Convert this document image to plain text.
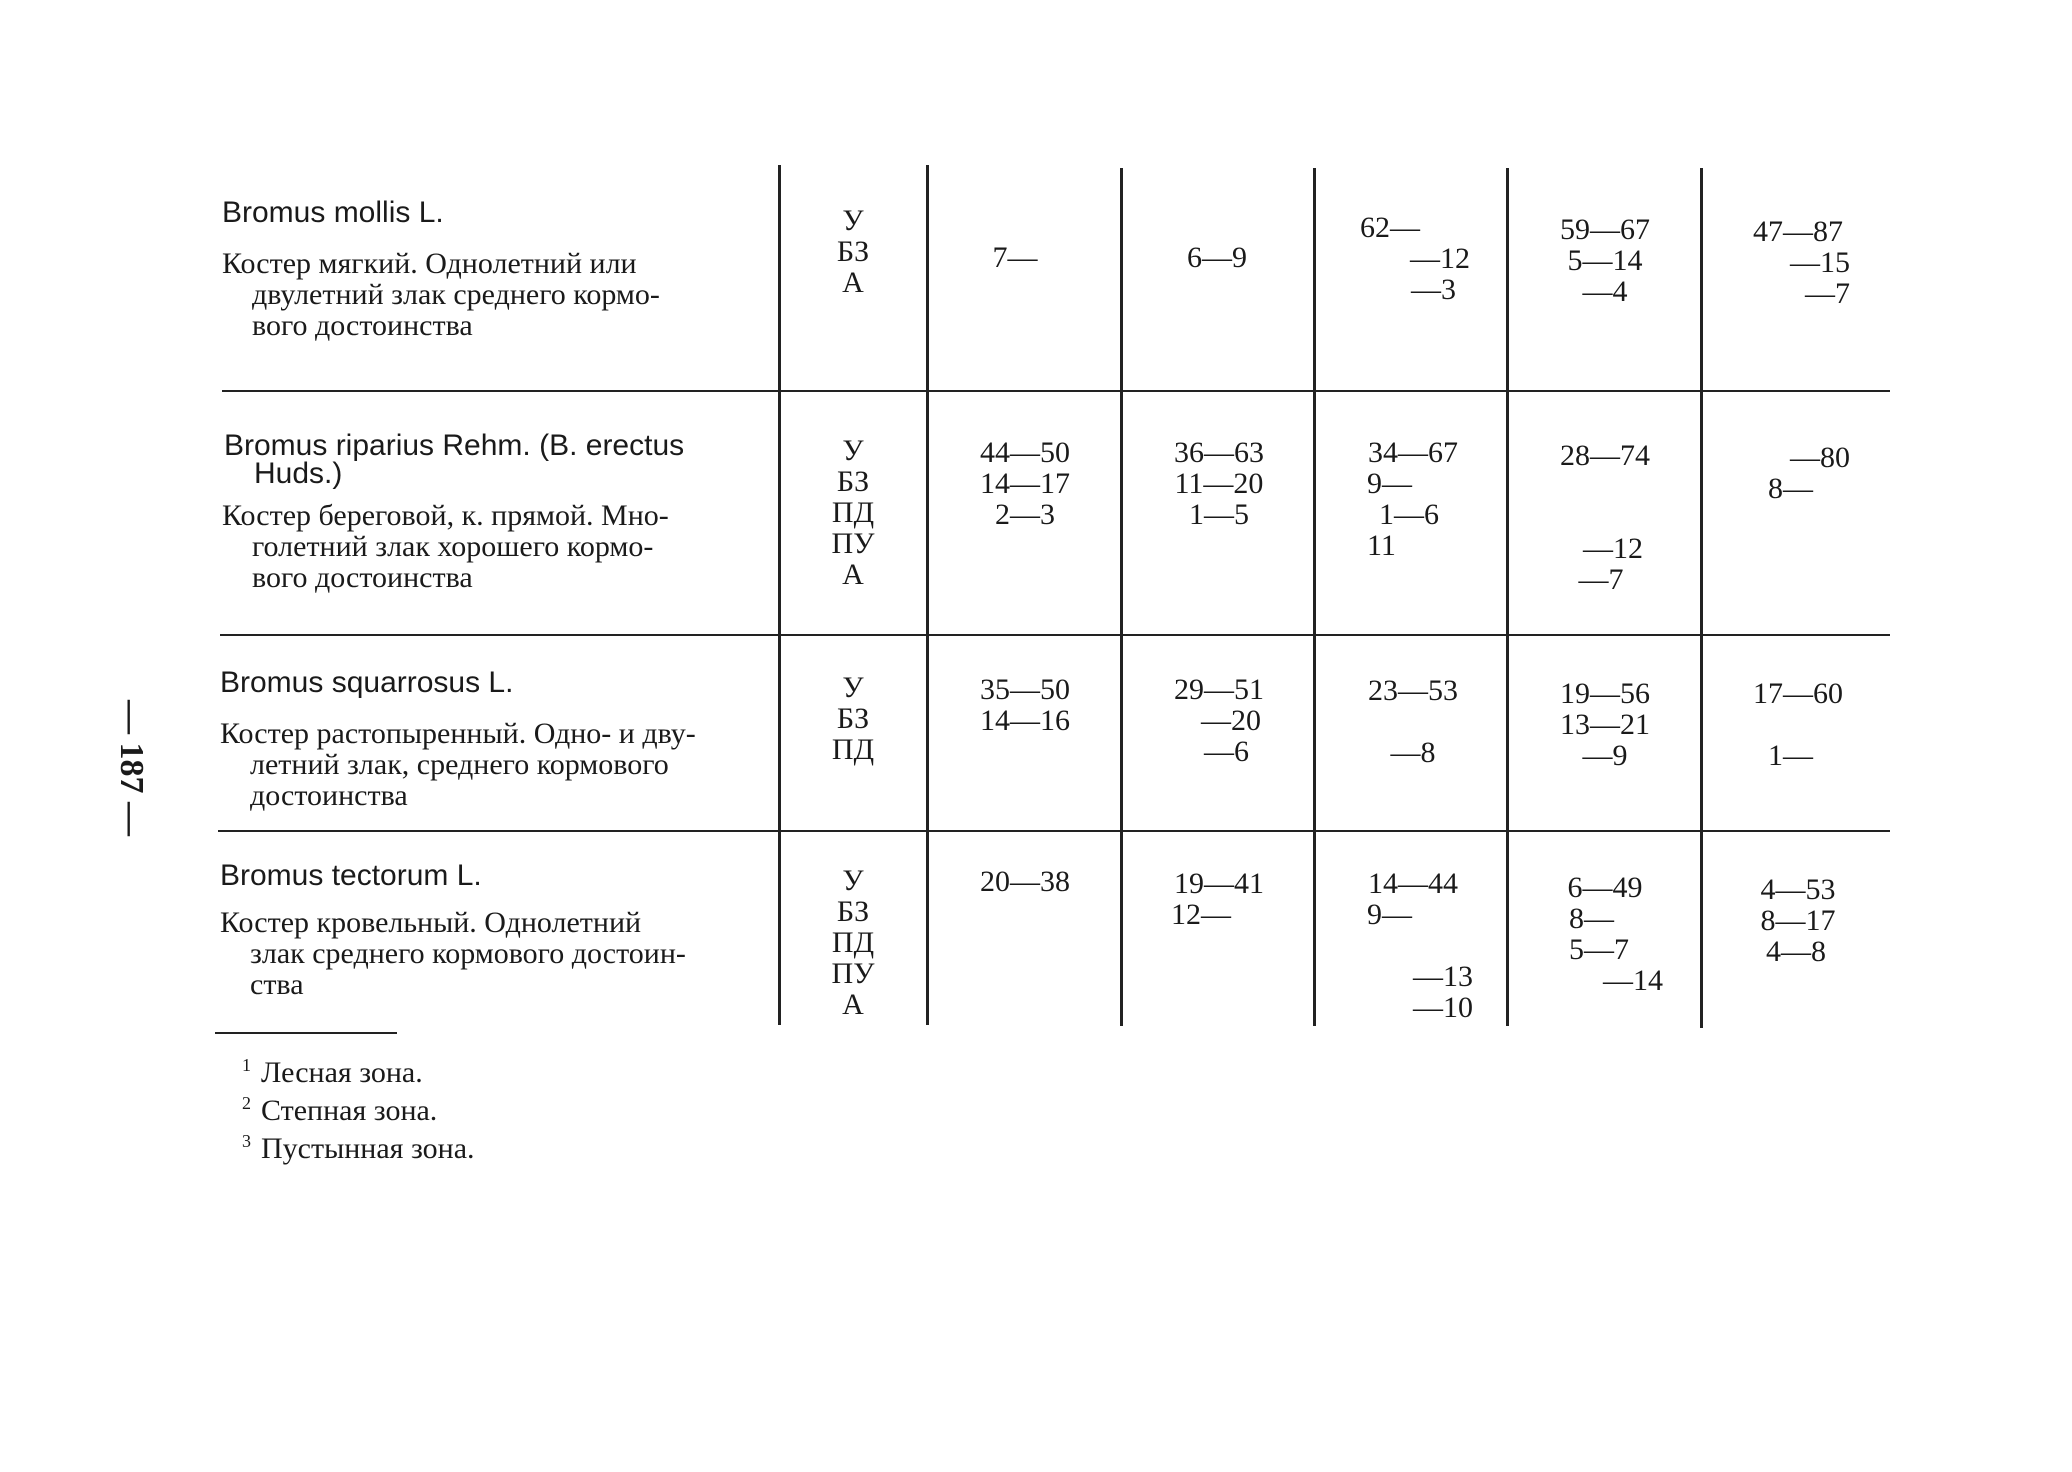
— 187 —
Bromus mollis L.
Костер мягкий. Однолетний или
двулетний злак среднего кормо-
вого достоинства
У
БЗ
А
7—	6—9
62—
—12
—3
59—67
5—14
—4
47—87
—15
—7
Bromus riparius Rehm. (B. erectus
Huds.)
Костер береговой, к. прямой. Мно-
голетний злак хорошего кормо-
вого достоинства
У
БЗ
ПД
ПУ
А
44—50
14—17
2—3
36—63
11—20
1—5
34—67
9—
1—6
11
28—74
—12
—7
—80
8—
Bromus squarrosus L.
Костер растопыренный. Одно- и дву-
летний злак, среднего кормового
достоинства
У
БЗ
ПД
35—50
14—16
29—51
—20
—6
23—53
—8
19—56
13—21
—9
17—60
1—
Bromus tectorum L.
Костер кровельный. Однолетний
злак среднего кормового достоин-
ства
У
БЗ
ПД
ПУ
А
20—38	19—41
12—
14—44
9—
—13
—10
6—49
8—
5—7
—14
4—53
8—17
4—8
$^1$ Лесная зона.
$^2$ Степная зона.
$^3$ Пустынная зона.
